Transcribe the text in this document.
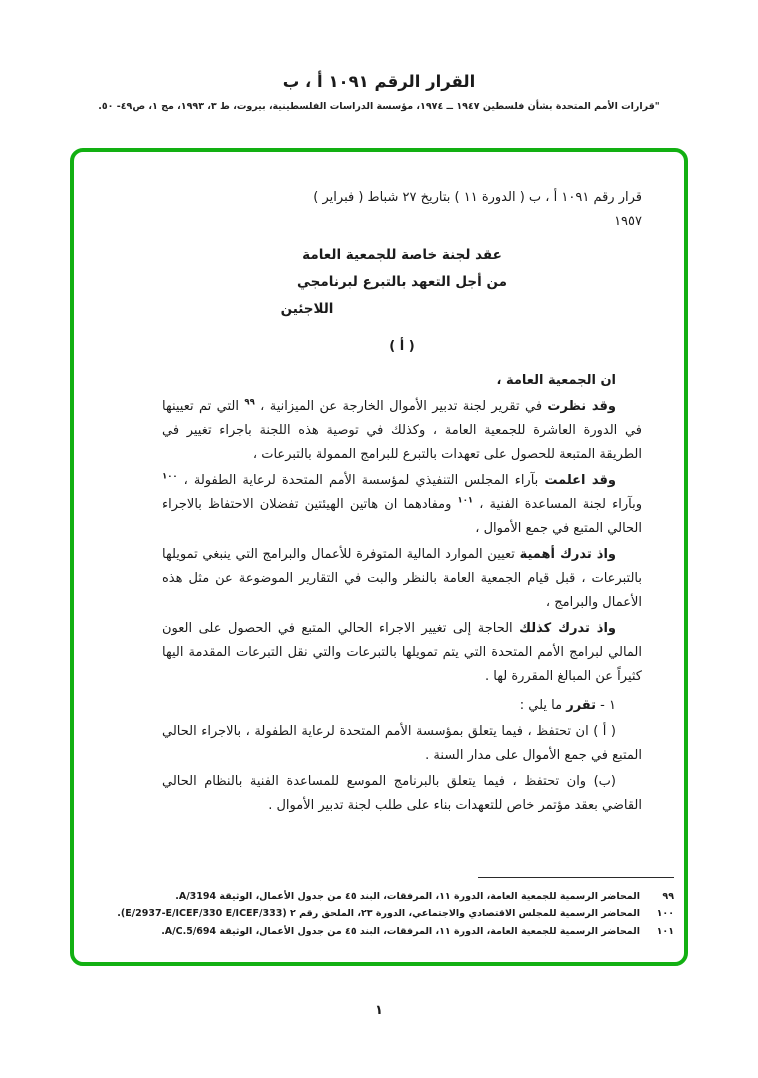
القرار الرقم ١٠٩١ أ ، ب
"قرارات الأمم المتحدة بشأن فلسطين ١٩٤٧ ــ ١٩٧٤، مؤسسة الدراسات الفلسطينية، بيروت، ط ٣، ١٩٩٣، مج ١، ص٤٩- ٥٠.

قرار رقم ١٠٩١ أ ، ب ( الدورة ١١ ) بتاريخ ٢٧ شباط ( فبراير )
١٩٥٧

عقد لجنة خاصة للجمعية العامة
من أجل التعهد بالتبرع لبرنامجي
اللاجئين
( أ )

ان الجمعية العامة ،

وقد نظرت في تقرير لجنة تدبير الأموال الخارجة عن الميزانية ، $^{٩٩}$ التي تم تعيينها في الدورة العاشرة للجمعية العامة ، وكذلك في توصية هذه اللجنة باجراء تغيير في الطريقة المتبعة للحصول على تعهدات بالتبرع للبرامج الممولة بالتبرعات ،

وقد اعلمت بآراء المجلس التنفيذي لمؤسسة الأمم المتحدة لرعاية الطفولة ، $^{١٠٠}$ وبآراء لجنة المساعدة الفنية ، $^{١٠١}$ ومفادهما ان هاتين الهيئتين تفضلان الاحتفاظ بالاجراء الحالي المتبع في جمع الأموال ،

واذ تدرك أهمية تعيين الموارد المالية المتوفرة للأعمال والبرامج التي ينبغي تمويلها بالتبرعات ، قبل قيام الجمعية العامة بالنظر والبت في التقارير الموضوعة عن مثل هذه الأعمال والبرامج ،

واذ تدرك كذلك الحاجة إلى تغيير الاجراء الحالي المتبع في الحصول على العون المالي لبرامج الأمم المتحدة التي يتم تمويلها بالتبرعات والتي نقل التبرعات المقدمة اليها كثيراً عن المبالغ المقررة لها .

١ - تقرر ما يلي :

( أ ) ان تحتفظ ، فيما يتعلق بمؤسسة الأمم المتحدة لرعاية الطفولة ، بالاجراء الحالي المتبع في جمع الأموال على مدار السنة .

(ب) وان تحتفظ ، فيما يتعلق بالبرنامج الموسع للمساعدة الفنية بالنظام الحالي القاضي بعقد مؤتمر خاص للتعهدات بناء على طلب لجنة تدبير الأموال .

٩٩المحاضر الرسمية للجمعية العامة، الدورة ١١، المرفقات، البند ٤٥ من جدول الأعمال، الوثيقة A/3194.
١٠٠المحاضر الرسمية للمجلس الاقتصادي والاجتماعي، الدورة ٢٣، الملحق رقم ٢ (E/2937-E/ICEF/330 E/ICEF/333).
١٠١المحاضر الرسمية للجمعية العامة، الدورة ١١، المرفقات، البند ٤٥ من جدول الأعمال، الوثيقة A/C.5/694.
١
